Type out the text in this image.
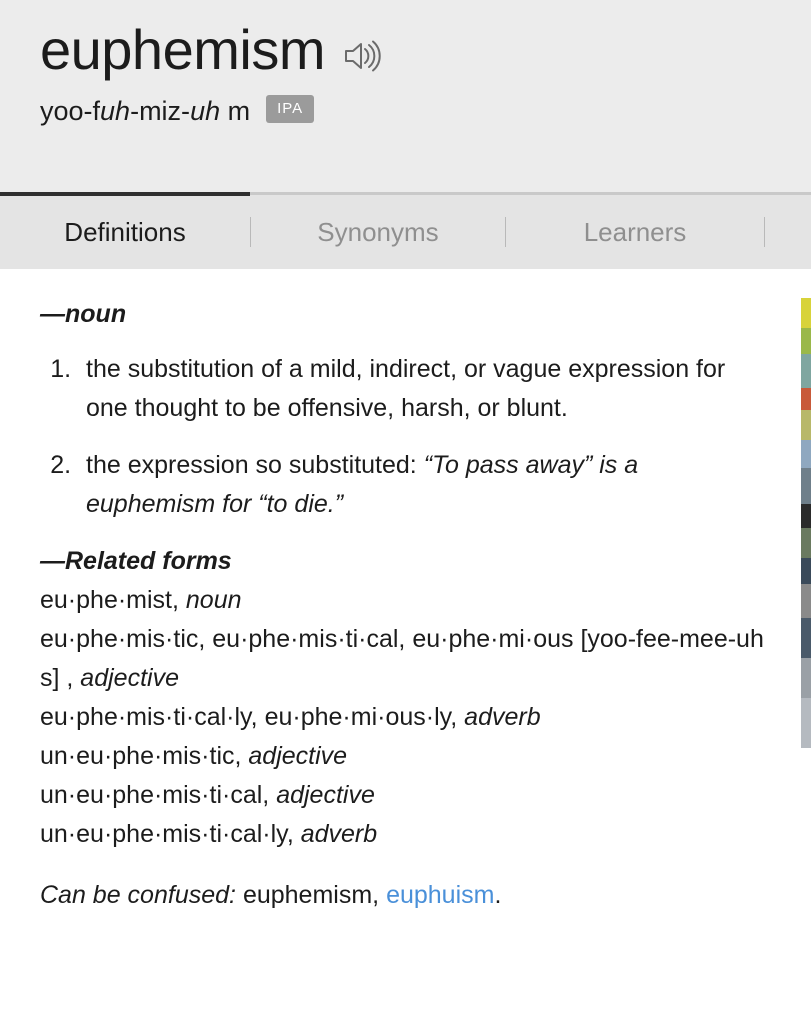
euphemism
yoo-fuh-miz-uh m	IPA
Definitions	Synonyms	Learners
—noun
1. the substitution of a mild, indirect, or vague expression for one thought to be offensive, harsh, or blunt.
2. the expression so substituted: “To pass away” is a euphemism for “to die.”
—Related forms
eu·phe·mist, noun
eu·phe·mis·tic, eu·phe·mis·ti·cal, eu·phe·mi·ous [yoo-fee-mee-uh s] , adjective
eu·phe·mis·ti·cal·ly, eu·phe·mi·ous·ly, adverb
un·eu·phe·mis·tic, adjective
un·eu·phe·mis·ti·cal, adjective
un·eu·phe·mis·ti·cal·ly, adverb
Can be confused: euphemism, euphuism.
